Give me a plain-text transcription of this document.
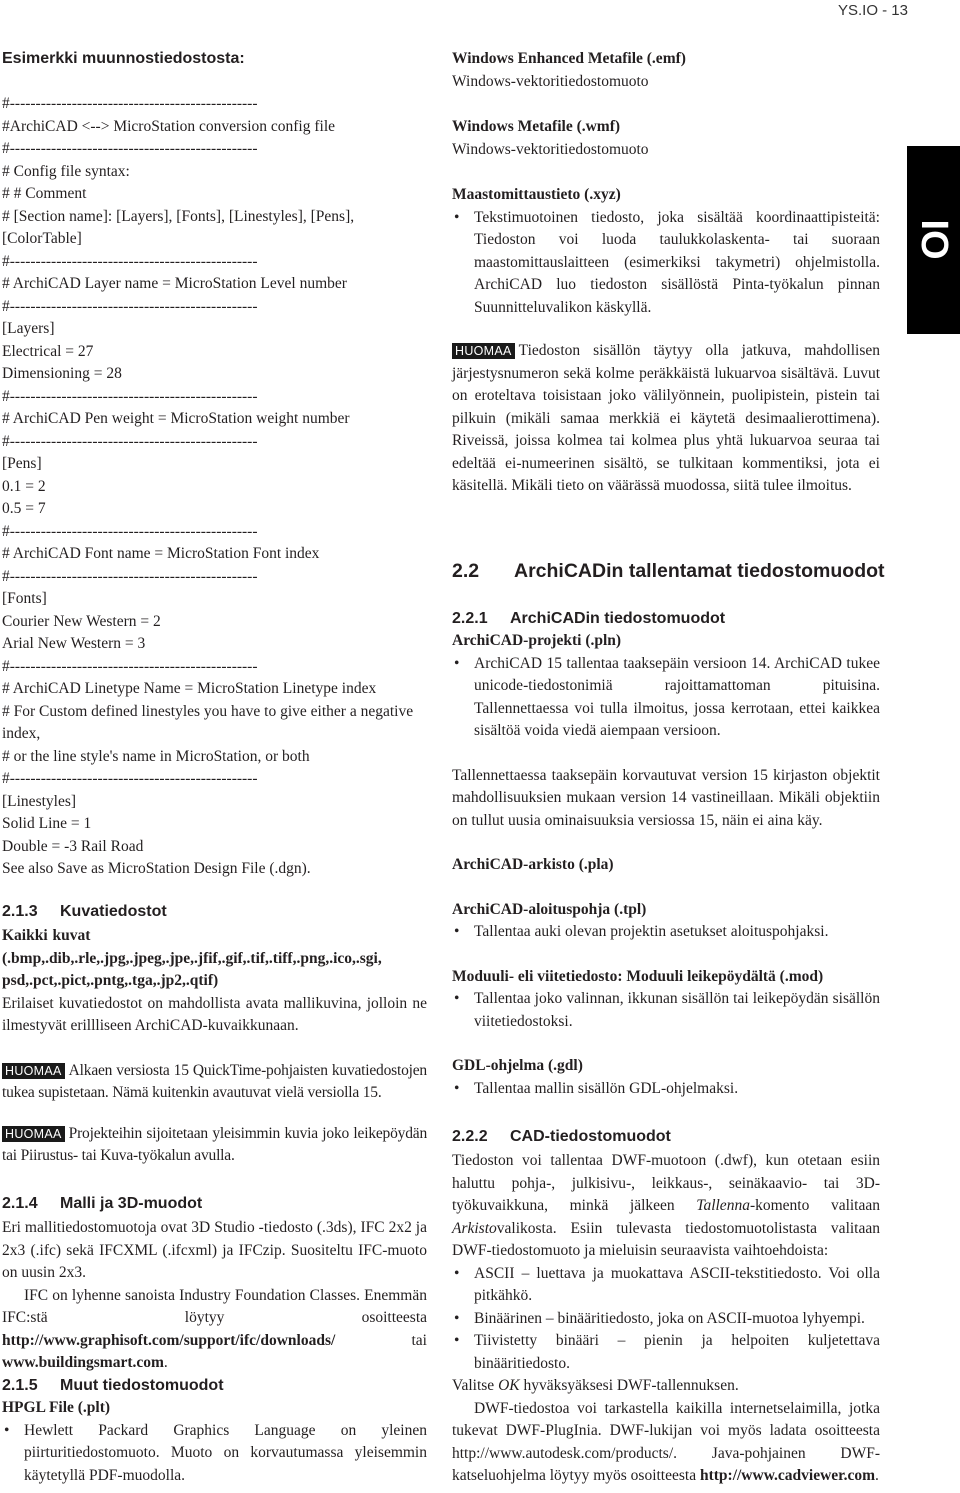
YS.IO - 13
IO
Esimerkki muunnostiedostosta:
#------------------------------------------------
#ArchiCAD <--> MicroStation conversion config file
#------------------------------------------------
# Config file syntax:
# # Comment
# [Section name]: [Layers], [Fonts], [Linestyles], [Pens],
[ColorTable]
#------------------------------------------------
# ArchiCAD Layer name = MicroStation Level number
#------------------------------------------------
[Layers]
Electrical = 27
Dimensioning = 28
#------------------------------------------------
# ArchiCAD Pen weight = MicroStation weight number
#------------------------------------------------
[Pens]
0.1 = 2
0.5 = 7
#------------------------------------------------
# ArchiCAD Font name = MicroStation Font index
#------------------------------------------------
[Fonts]
Courier New Western = 2
Arial New Western = 3
#------------------------------------------------
# ArchiCAD Linetype Name = MicroStation Linetype index
# For Custom defined linestyles you have to give either a negative
index,
# or the line style's name in MicroStation, or both
#------------------------------------------------
[Linestyles]
Solid Line = 1
Double = -3 Rail Road
See also Save as MicroStation Design File (.dgn).
2.1.3 Kuvatiedostot

Kaikki kuvat (.bmp,.dib,.rle,.jpg,.jpeg,.jpe,.jfif,.gif,.tif,.tiff,.png,.ico,.sgi, psd,.pct,.pict,.pntg,.tga,.jp2,.qtif)

Erilaiset kuvatiedostot on mahdollista avata mallikuvina, jolloin ne ilmestyvät erillliseen ArchiCAD-kuvaikkunaan.

HUOMAA Alkaen versiosta 15 QuickTime-pohjaisten kuvatiedostojen tukea supistetaan. Nämä kuitenkin avautuvat vielä versiolla 15.

HUOMAA Projekteihin sijoitetaan yleisimmin kuvia joko leikepöydän tai Piirustus- tai Kuva-työkalun avulla.

2.1.4 Malli ja 3D-muodot

Eri mallitiedostomuotoja ovat 3D Studio -tiedosto (.3ds), IFC 2x2 ja 2x3 (.ifc) sekä IFCXML (.ifcxml) ja IFCzip. Suositeltu IFC-muoto on uusin 2x3.

IFC on lyhenne sanoista Industry Foundation Classes. Enemmän IFC:stä löytyy osoitteesta http://www.graphisoft.com/support/ifc/downloads/	tai www.buildingsmart.com.

2.1.5 Muut tiedostomuodot

HPGL File (.plt)

• Hewlett Packard Graphics Language on yleinen piirturitiedostomuoto. Muoto on korvautumassa yleisemmin käytetyllä PDF-muodolla.

Windows Enhanced Metafile (.emf)

Windows-vektoritiedostomuoto

Windows Metafile (.wmf)

Windows-vektoritiedostomuoto

Maastomittaustieto (.xyz)

• Tekstimuotoinen tiedosto, joka sisältää koordinaattipisteitä: Tiedoston voi luoda taulukkolaskenta- tai suoraan maastomittauslaitteen (esimerkiksi takymetri) ohjelmistolla. ArchiCAD luo tiedoston sisällöstä Pinta-työkalun pinnan Suunnitteluvalikon käskyllä.

HUOMAA Tiedoston sisällön täytyy olla jatkuva, mahdollisen järjestysnumeron sekä kolme peräkkäistä lukuarvoa sisältävä. Luvut on eroteltava toisistaan joko välilyönnein, puolipistein, pistein tai pilkuin (mikäli samaa merkkiä ei käytetä desimaalierottimena). Riveissä, joissa kolmea tai kolmea plus yhtä lukuarvoa seuraa tai edeltää ei-numeerinen sisältö, se tulkitaan kommentiksi, jota ei käsitellä. Mikäli tieto on väärässä muodossa, siitä tulee ilmoitus.

2.2 ArchiCADin tallentamat tiedostomuodot
2.2.1 ArchiCADin tiedostomuodot

ArchiCAD-projekti (.pln)

• ArchiCAD 15 tallentaa taaksepäin versioon 14. ArchiCAD tukee unicode-tiedostonimiä rajoittamattoman pituisina. Tallennettaessa voi tulla ilmoitus, jossa kerrotaan, ettei kaikkea sisältöä voida viedä aiempaan versioon.

Tallennettaessa taaksepäin korvautuvat version 15 kirjaston objektit mahdollisuuksien mukaan version 14 vastineillaan. Mikäli objektiin on tullut uusia ominaisuuksia versiossa 15, näin ei aina käy.

ArchiCAD-arkisto (.pla)

ArchiCAD-aloituspohja (.tpl)

• Tallentaa auki olevan projektin asetukset aloituspohjaksi.

Moduuli- eli viitetiedosto: Moduuli leikepöydältä (.mod)

• Tallentaa joko valinnan, ikkunan sisällön tai leikepöydän sisällön viitetiedostoksi.

GDL-ohjelma (.gdl)

• Tallentaa mallin sisällön GDL-ohjelmaksi.

2.2.2 CAD-tiedostomuodot

Tiedoston voi tallentaa DWF-muotoon (.dwf), kun otetaan esiin haluttu pohja-, julkisivu-, leikkaus-, seinäkaavio- tai 3D-työkuvaikkuna, minkä jälkeen Tallenna-komento valitaan Arkistovalikosta. Esiin tulevasta tiedostomuotolistasta valitaan DWF-tiedostomuoto ja mieluisin seuraavista vaihtoehdoista:

• ASCII – luettava ja muokattava ASCII-tekstitiedosto. Voi olla pitkähkö.

• Binäärinen – binääritiedosto, joka on ASCII-muotoa lyhyempi.

• Tiivistetty binääri – pienin ja helpoiten kuljetettava binääritiedosto.

Valitse OK hyväksyäksesi DWF-tallennuksen.

DWF-tiedostoa voi tarkastella kaikilla internetselaimilla, jotka tukevat DWF-PlugInia. DWF-lukijan voi myös ladata osoitteesta http://www.autodesk.com/products/. Java-pohjainen DWF-katseluohjelma löytyy myös osoitteesta http://www.cadviewer.com.
